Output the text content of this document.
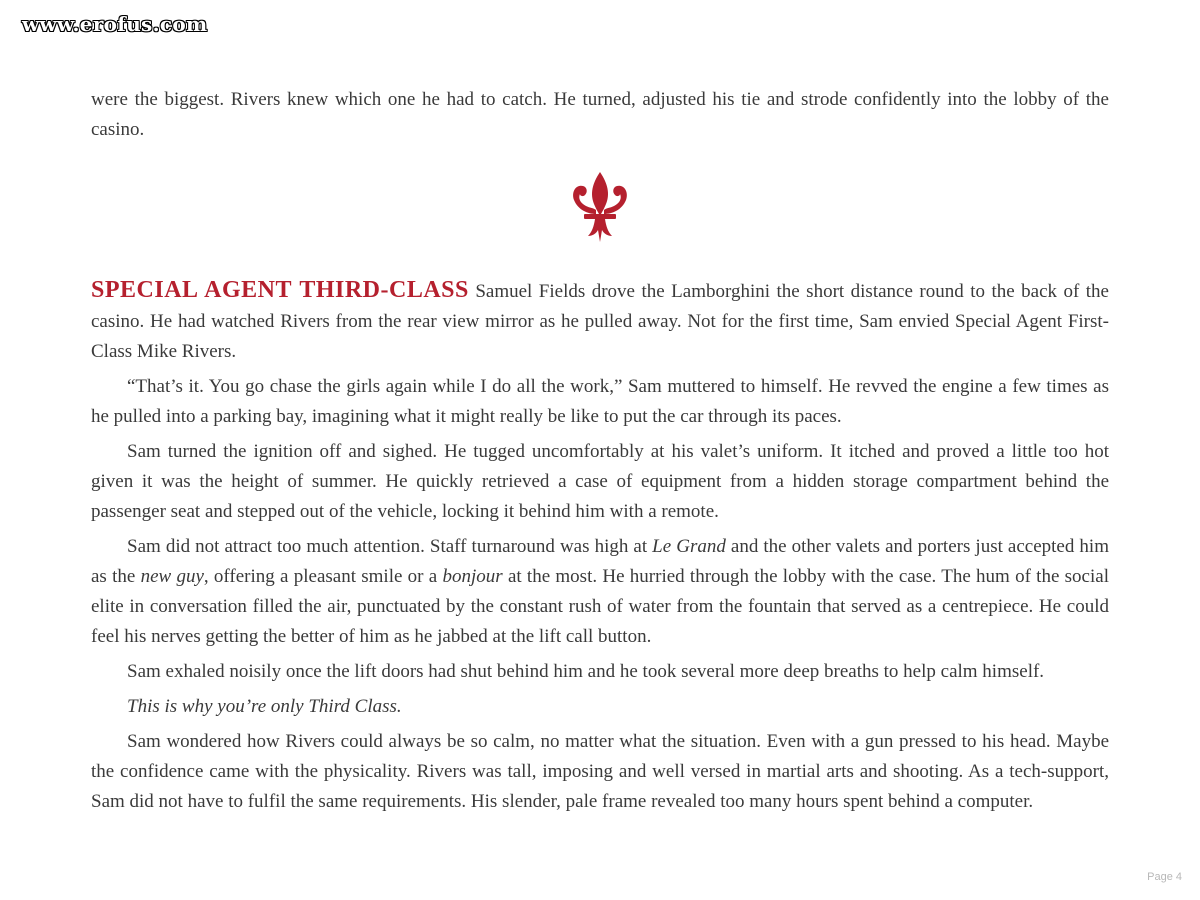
www.erofus.com

were the biggest. Rivers knew which one he had to catch. He turned, adjusted his tie and strode confidently into the lobby of the casino.

SPECIAL AGENT THIRD-CLASS Samuel Fields drove the Lamborghini the short distance round to the back of the casino. He had watched Rivers from the rear view mirror as he pulled away. Not for the first time, Sam envied Special Agent First-Class Mike Rivers.

“That’s it. You go chase the girls again while I do all the work,” Sam muttered to himself. He revved the engine a few times as he pulled into a parking bay, imagining what it might really be like to put the car through its paces.

Sam turned the ignition off and sighed. He tugged uncomfortably at his valet’s uniform. It itched and proved a little too hot given it was the height of summer. He quickly retrieved a case of equipment from a hidden storage compartment behind the passenger seat and stepped out of the vehicle, locking it behind him with a remote.

Sam did not attract too much attention. Staff turnaround was high at Le Grand and the other valets and porters just accepted him as the new guy, offering a pleasant smile or a bonjour at the most. He hurried through the lobby with the case. The hum of the social elite in conversation filled the air, punctuated by the constant rush of water from the fountain that served as a centrepiece. He could feel his nerves getting the better of him as he jabbed at the lift call button.

Sam exhaled noisily once the lift doors had shut behind him and he took several more deep breaths to help calm himself.

This is why you’re only Third Class.

Sam wondered how Rivers could always be so calm, no matter what the situation. Even with a gun pressed to his head. Maybe the confidence came with the physicality. Rivers was tall, imposing and well versed in martial arts and shooting. As a tech-support, Sam did not have to fulfil the same requirements. His slender, pale frame revealed too many hours spent behind a computer.

Page 4
